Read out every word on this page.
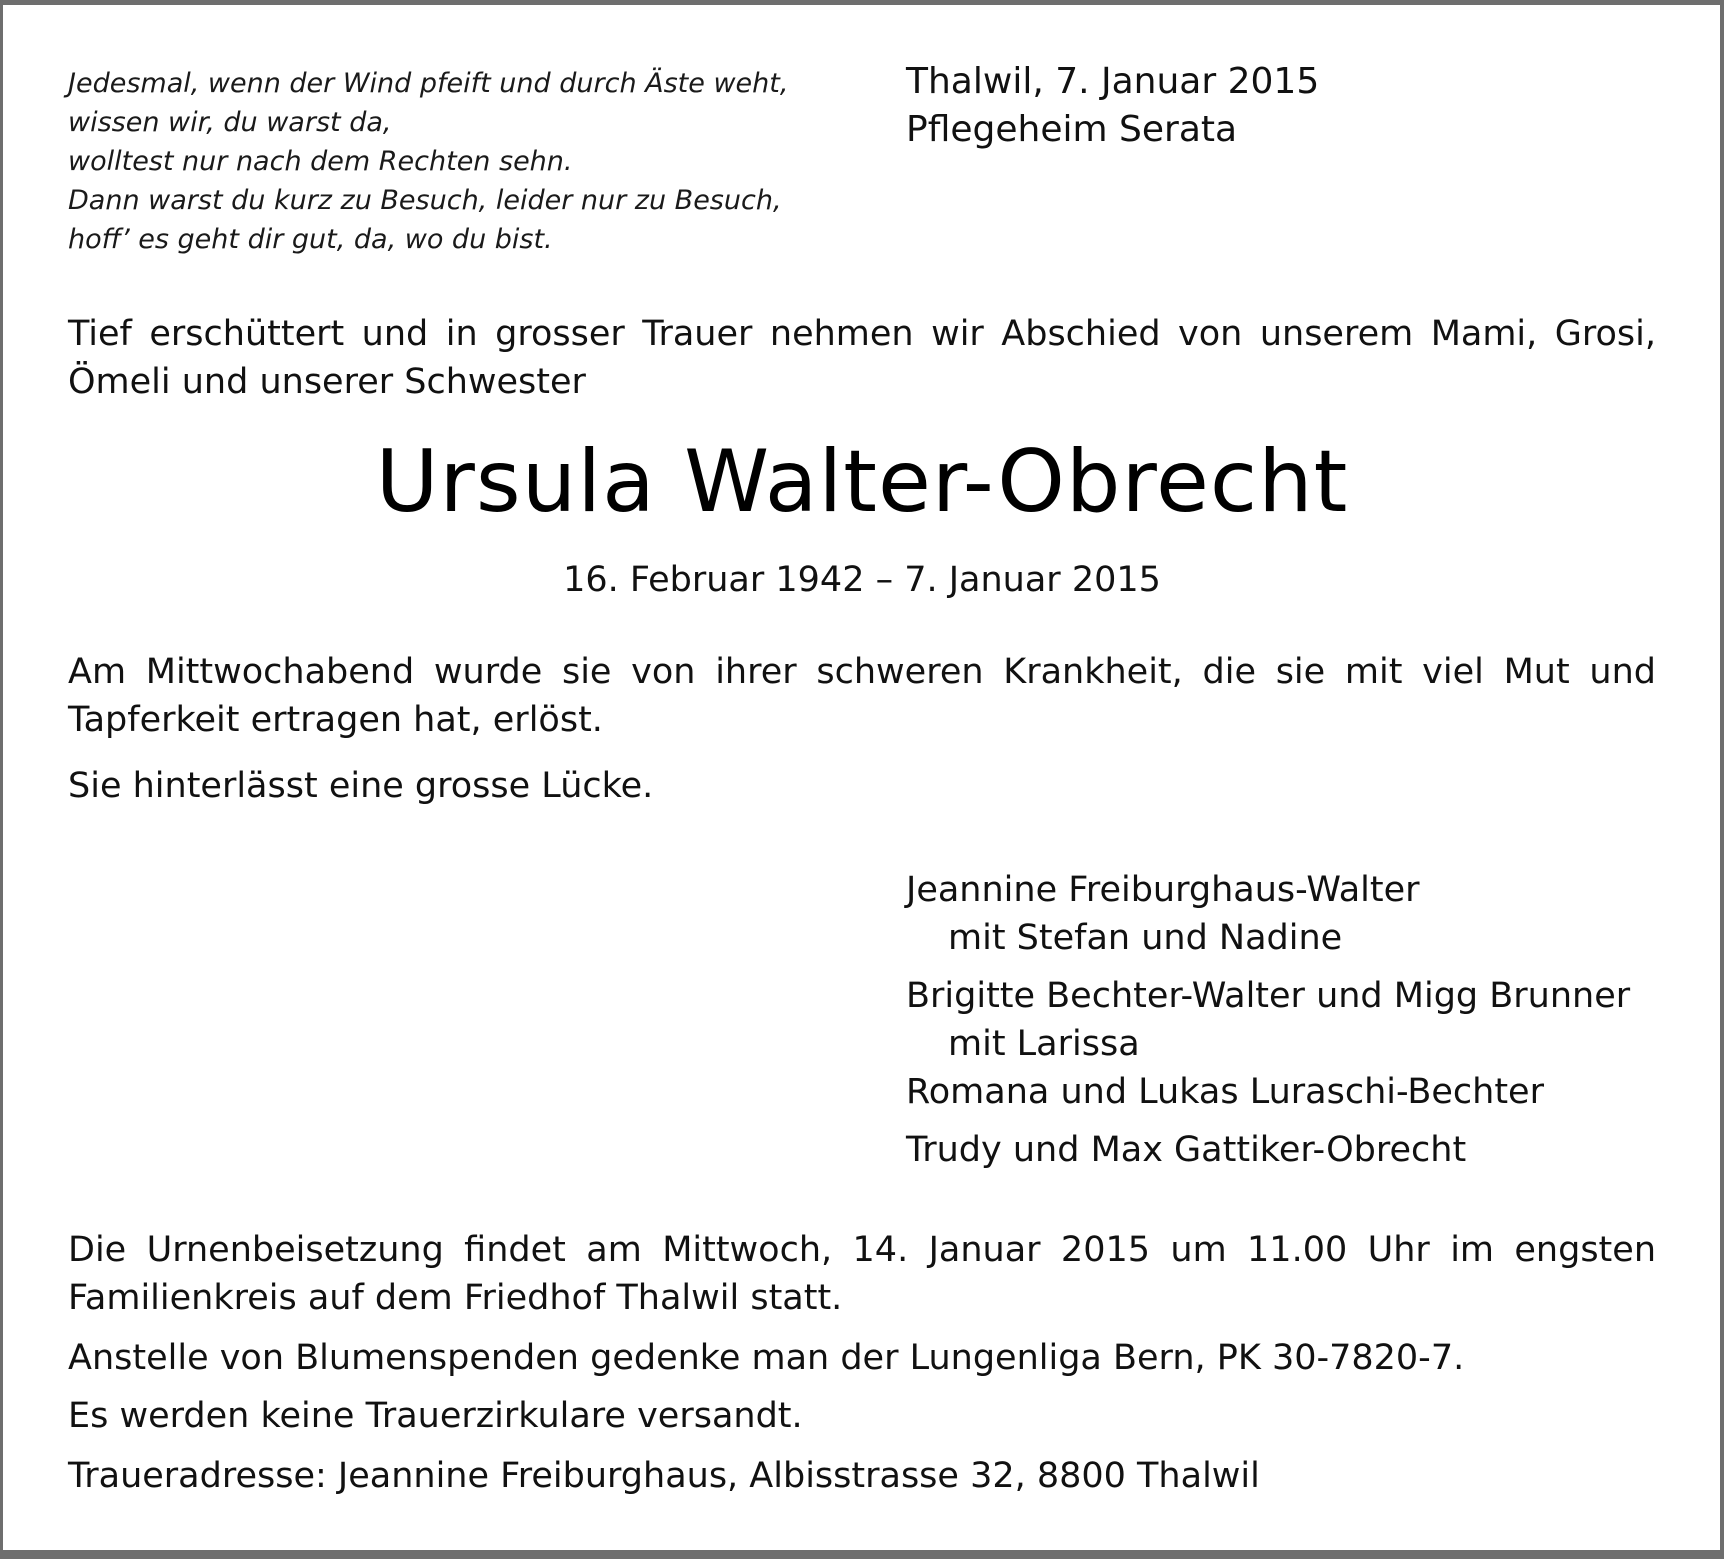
Jedesmal, wenn der Wind pfeift und durch Äste weht,
wissen wir, du warst da,
wolltest nur nach dem Rechten sehn.
Dann warst du kurz zu Besuch, leider nur zu Besuch,
hoff’ es geht dir gut, da, wo du bist.
Thalwil, 7. Januar 2015
Pflegeheim Serata
Tief erschüttert und in grosser Trauer nehmen wir Abschied von unserem Mami, Grosi, Ömeli und unserer Schwester
Ursula Walter-Obrecht
16. Februar 1942 – 7. Januar 2015
Am Mittwochabend wurde sie von ihrer schweren Krankheit, die sie mit viel Mut und Tapferkeit ertragen hat, erlöst.
Sie hinterlässt eine grosse Lücke.
Jeannine Freiburghaus-Walter
mit Stefan und Nadine
Brigitte Bechter-Walter und Migg Brunner
mit Larissa
Romana und Lukas Luraschi-Bechter
Trudy und Max Gattiker-Obrecht
Die Urnenbeisetzung findet am Mittwoch, 14. Januar 2015 um 11.00 Uhr im engsten Familienkreis auf dem Friedhof Thalwil statt.
Anstelle von Blumenspenden gedenke man der Lungenliga Bern, PK 30-7820-7.
Es werden keine Trauerzirkulare versandt.
Traueradresse: Jeannine Freiburghaus, Albisstrasse 32, 8800 Thalwil
